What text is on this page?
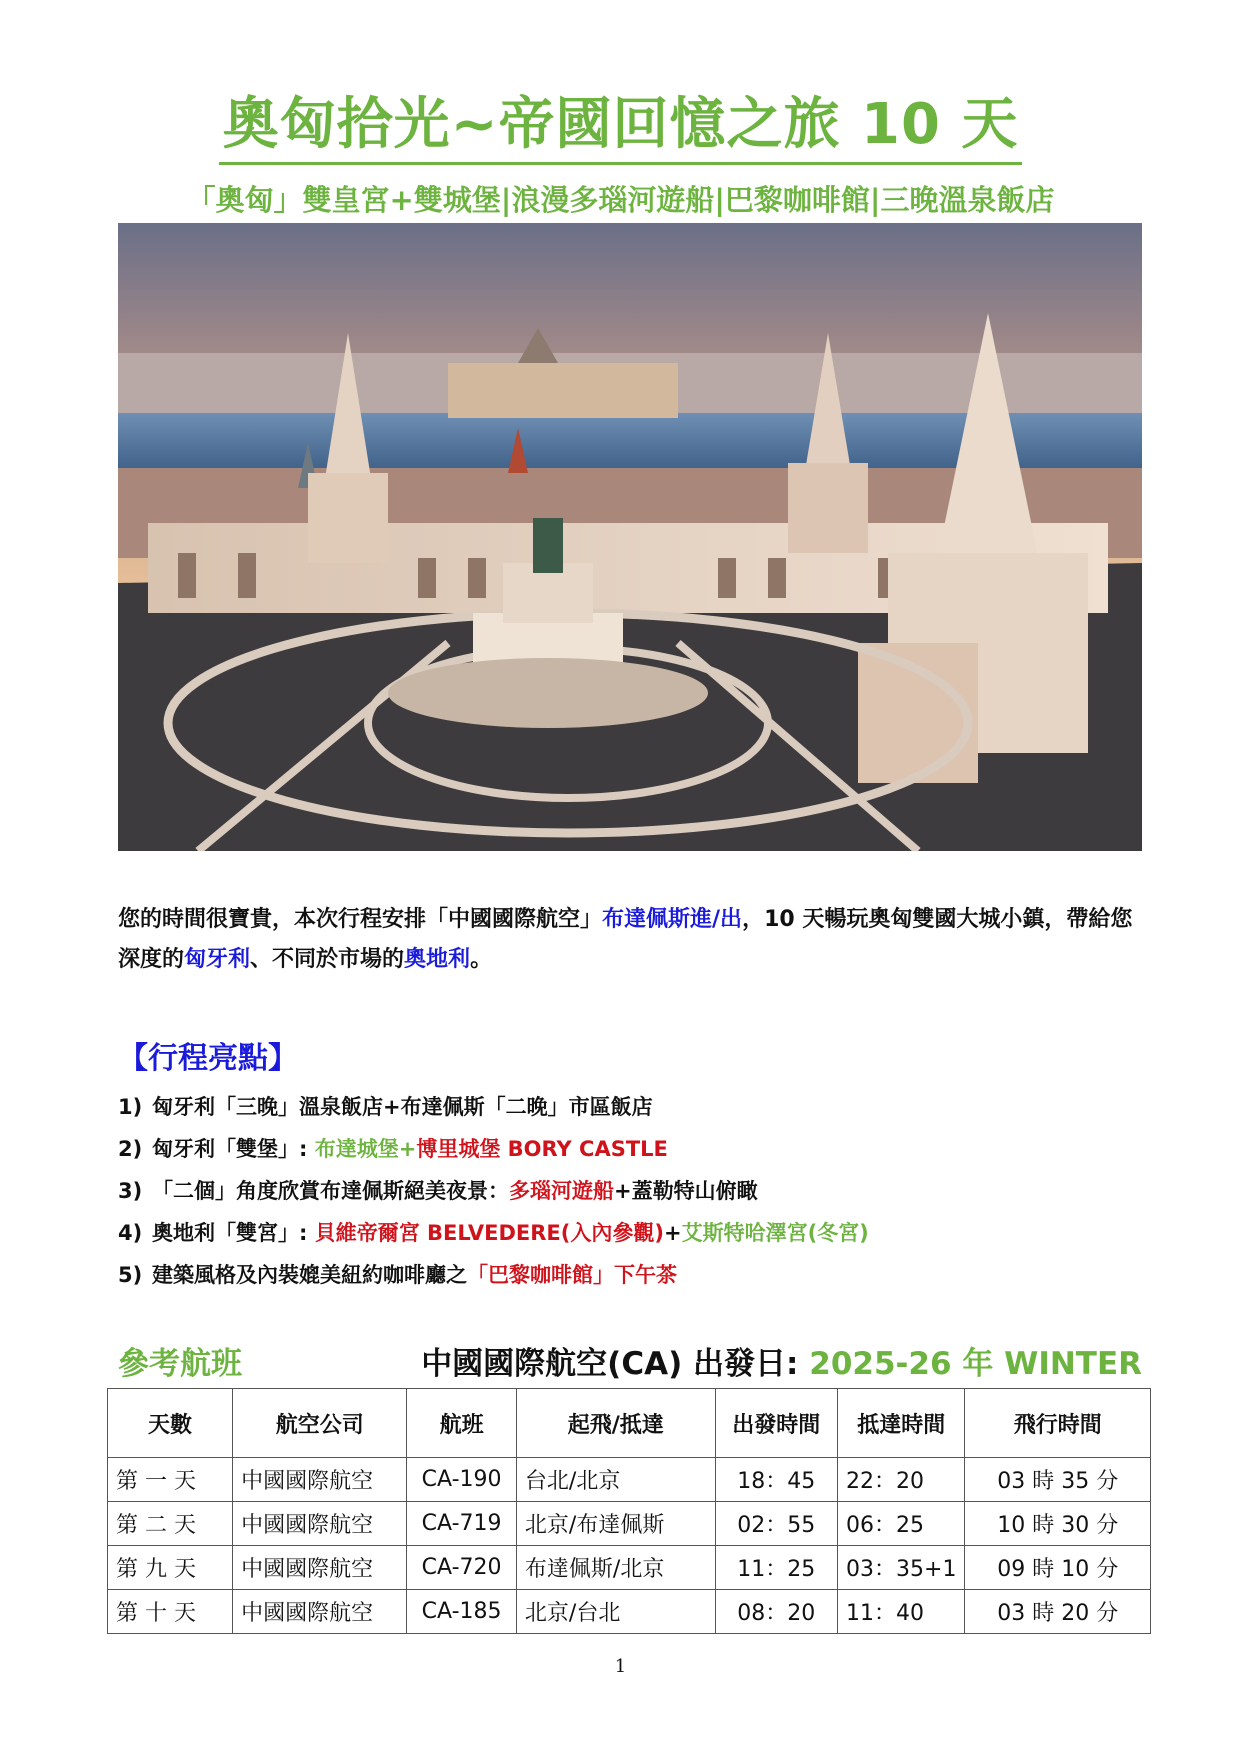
奧匈拾光~帝國回憶之旅 10 天
「奧匈」雙皇宮+雙城堡|浪漫多瑙河遊船|巴黎咖啡館|三晚溫泉飯店
您的時間很寶貴，本次行程安排「中國國際航空」布達佩斯進/出，10 天暢玩奧匈雙國大城小鎮，帶給您深度的匈牙利、不同於市場的奧地利。
【行程亮點】
1) 匈牙利「三晚」溫泉飯店+布達佩斯「二晚」市區飯店
2) 匈牙利「雙堡」: 布達城堡+博里城堡 BORY CASTLE
3) 「二個」角度欣賞布達佩斯絕美夜景：多瑙河遊船+蓋勒特山俯瞰
4) 奧地利「雙宮」: 貝維帝爾宮 BELVEDERE(入內參觀)+艾斯特哈澤宮(冬宮)
5) 建築風格及內裝媲美紐約咖啡廳之「巴黎咖啡館」下午茶
參考航班	中國國際航空(CA) 出發日: 2025-26 年 WINTER
天數	航空公司	航班	起飛/抵達	出發時間	抵達時間	飛行時間
第 一 天	中國國際航空	CA-190	台北/北京	18：45	22：20	03 時 35 分
第 二 天	中國國際航空	CA-719	北京/布達佩斯	02：55	06：25	10 時 30 分
第 九 天	中國國際航空	CA-720	布達佩斯/北京	11：25	03：35+1	09 時 10 分
第 十 天	中國國際航空	CA-185	北京/台北	08：20	11：40	03 時 20 分
1
